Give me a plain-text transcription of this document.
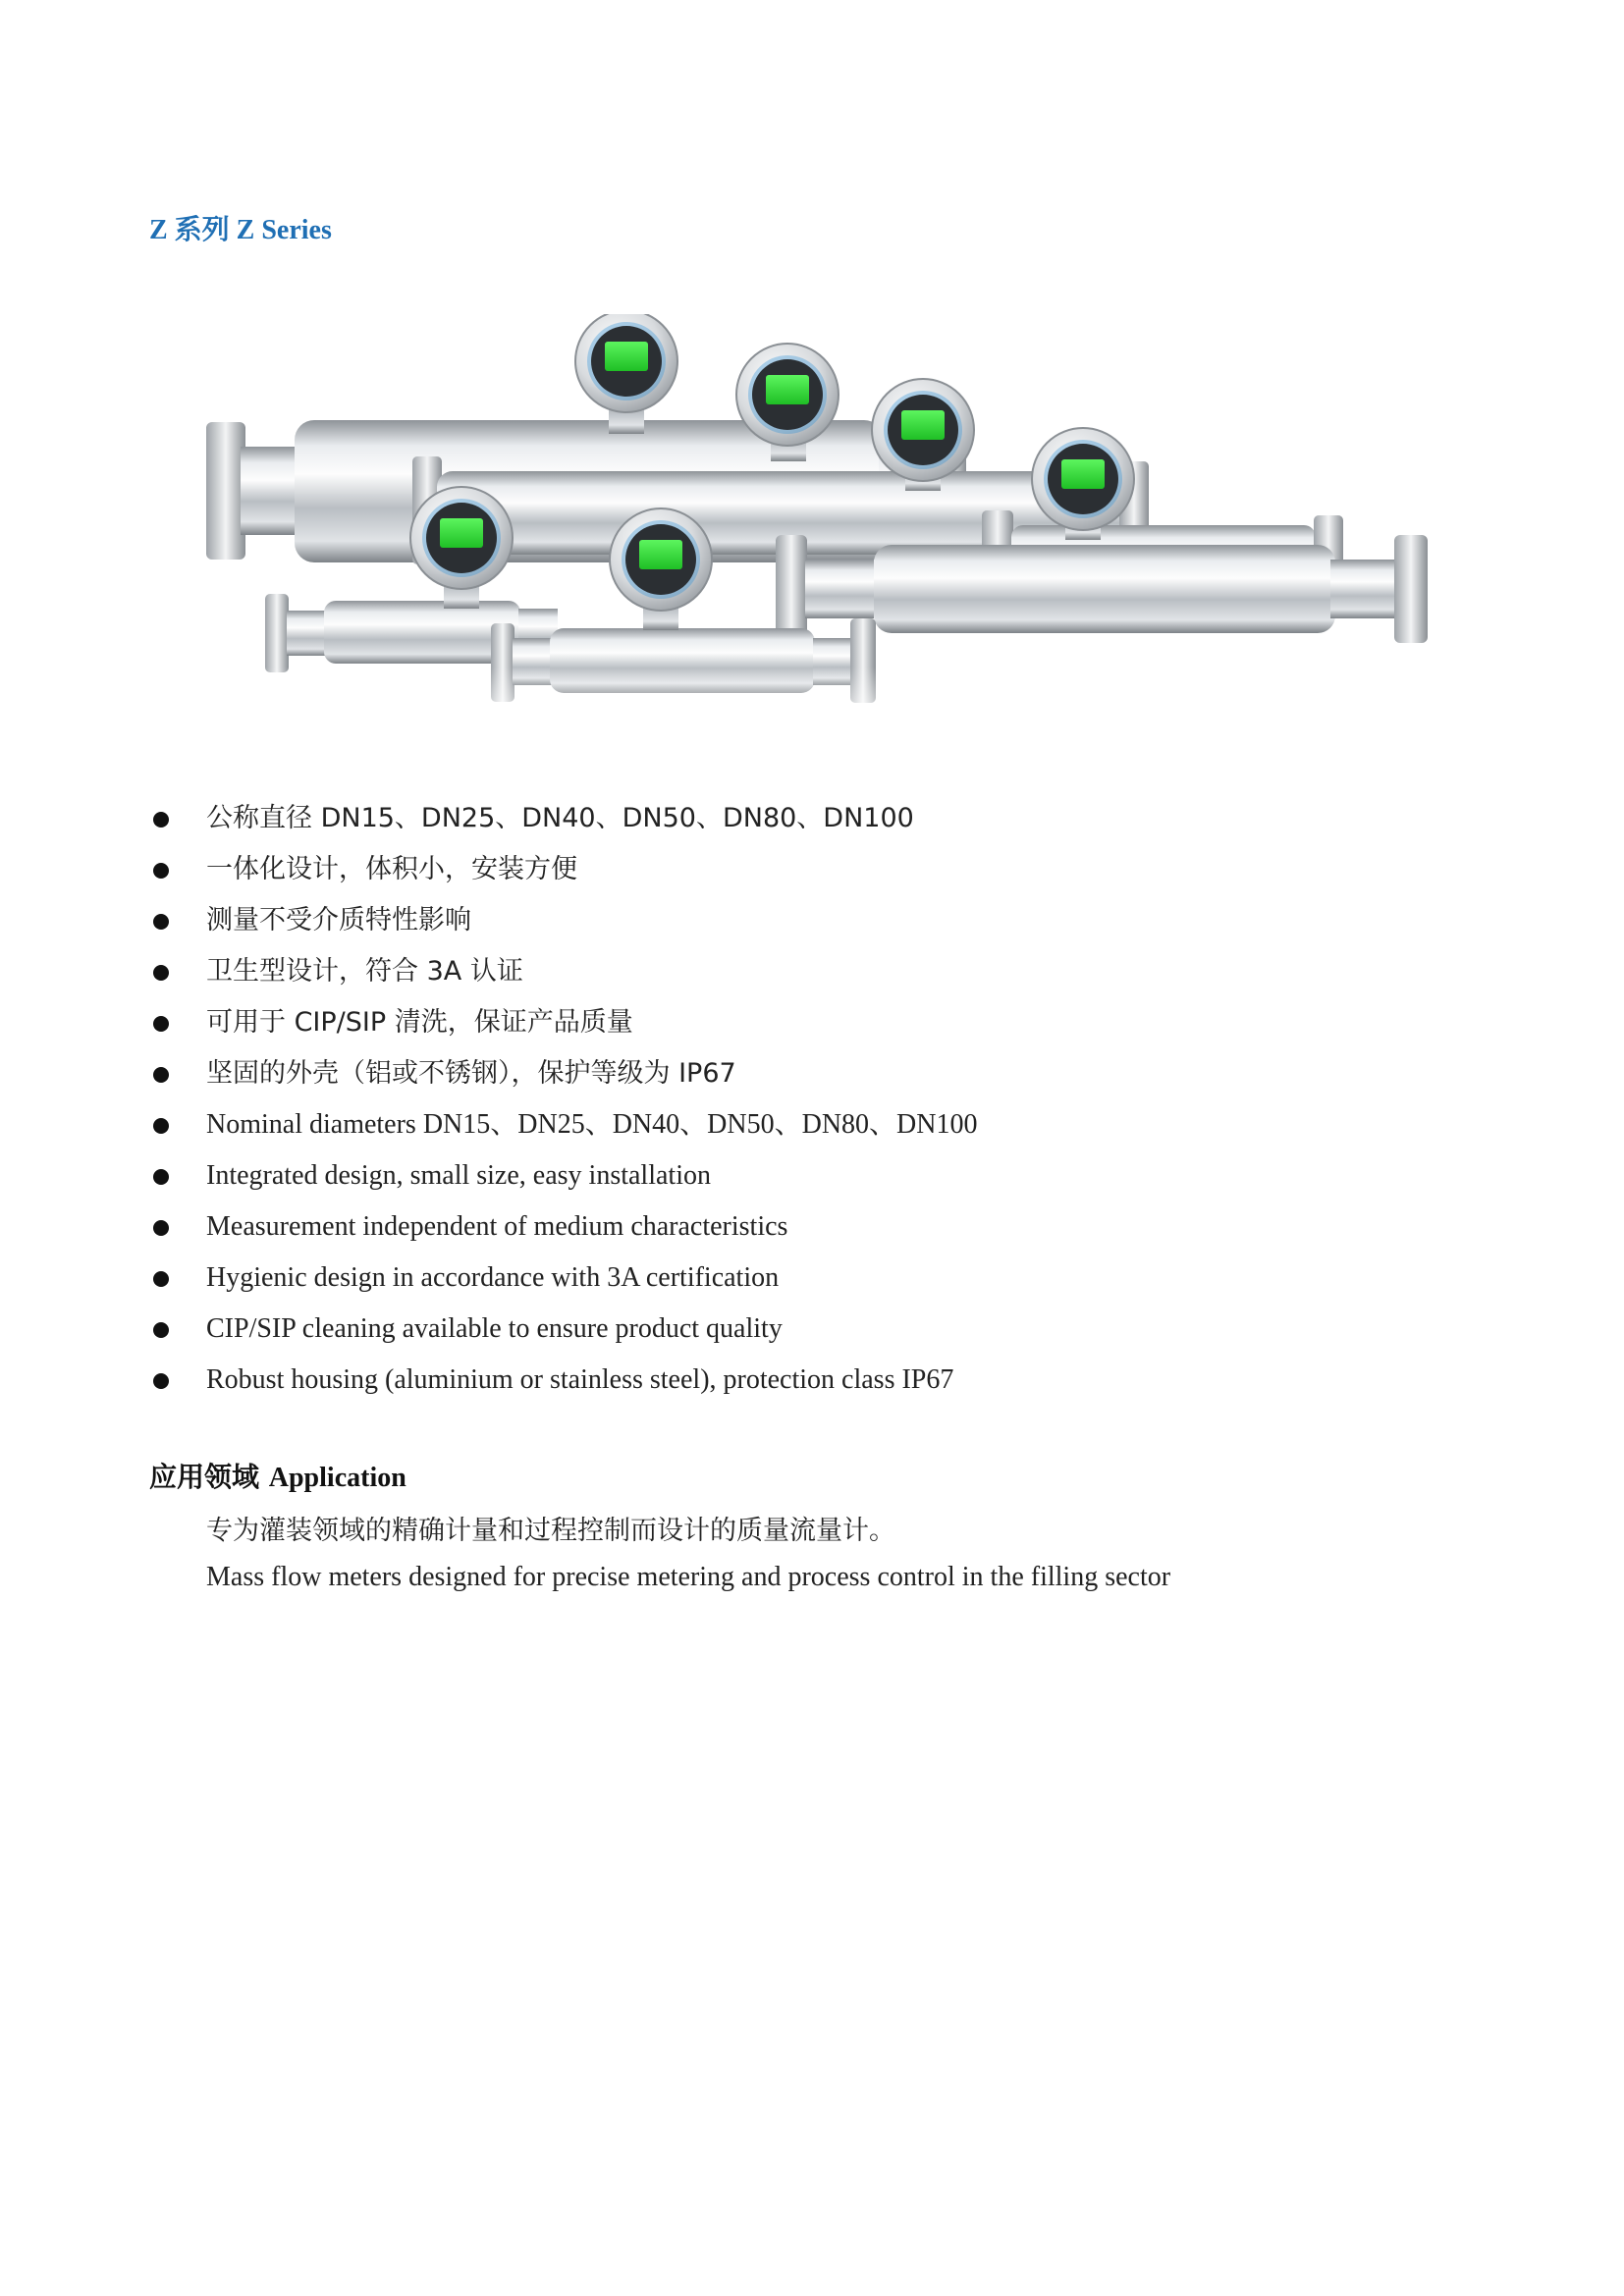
Z 系列 Z Series
公称直径 DN15、DN25、DN40、DN50、DN80、DN100
一体化设计，体积小，安装方便
测量不受介质特性影响
卫生型设计，符合 3A 认证
可用于 CIP/SIP 清洗，保证产品质量
坚固的外壳（铝或不锈钢），保护等级为 IP67
Nominal diameters DN15、DN25、DN40、DN50、DN80、DN100
Integrated design, small size, easy installation
Measurement independent of medium characteristics
Hygienic design in accordance with 3A certification
CIP/SIP cleaning available to ensure product quality
Robust housing (aluminium or stainless steel), protection class IP67
应用领域 Application
专为灌装领域的精确计量和过程控制而设计的质量流量计。
Mass flow meters designed for precise metering and process control in the filling sector
